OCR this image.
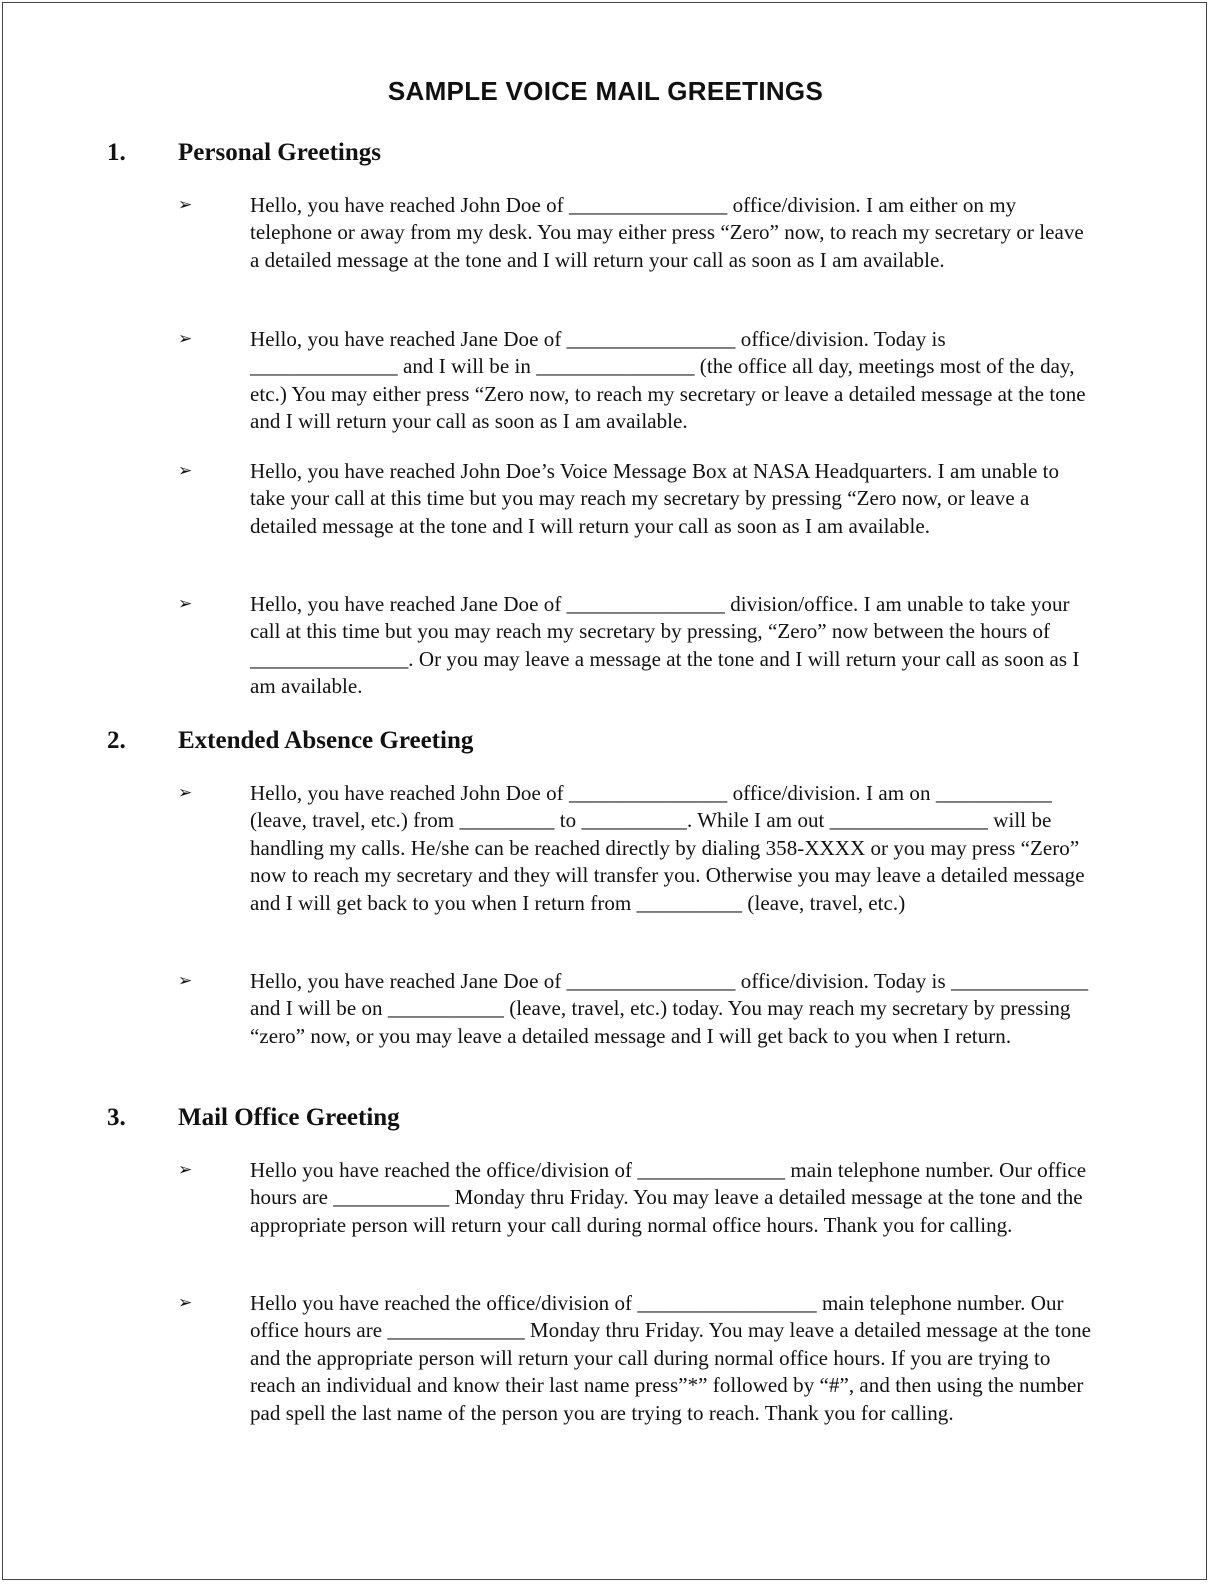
SAMPLE VOICE MAIL GREETINGS
1. Personal Greetings
➢	Hello, you have reached John Doe of _______________ office/division. I am either on my telephone or away from my desk. You may either press “Zero” now, to reach my secretary or leave a detailed message at the tone and I will return your call as soon as I am available.

➢	Hello, you have reached Jane Doe of ________________ office/division. Today is ______________ and I will be in _______________ (the office all day, meetings most of the day, etc.) You may either press “Zero now, to reach my secretary or leave a detailed message at the tone and I will return your call as soon as I am available.

➢	Hello, you have reached John Doe’s Voice Message Box at NASA Headquarters. I am unable to take your call at this time but you may reach my secretary by pressing “Zero now, or leave a detailed message at the tone and I will return your call as soon as I am available.

➢	Hello, you have reached Jane Doe of _______________ division/office. I am unable to take your call at this time but you may reach my secretary by pressing, “Zero” now between the hours of _______________. Or you may leave a message at the tone and I will return your call as soon as I am available.

2. Extended Absence Greeting
➢	Hello, you have reached John Doe of _______________ office/division. I am on ___________ (leave, travel, etc.) from _________ to __________. While I am out _______________ will be handling my calls. He/she can be reached directly by dialing 358-XXXX or you may press “Zero” now to reach my secretary and they will transfer you. Otherwise you may leave a detailed message and I will get back to you when I return from __________ (leave, travel, etc.)

➢	Hello, you have reached Jane Doe of ________________ office/division. Today is _____________ and I will be on ___________ (leave, travel, etc.) today. You may reach my secretary by pressing “zero” now, or you may leave a detailed message and I will get back to you when I return.

3. Mail Office Greeting
➢	Hello you have reached the office/division of ______________ main telephone number. Our office hours are ___________ Monday thru Friday. You may leave a detailed message at the tone and the appropriate person will return your call during normal office hours. Thank you for calling.

➢	Hello you have reached the office/division of _________________ main telephone number. Our office hours are _____________ Monday thru Friday. You may leave a detailed message at the tone and the appropriate person will return your call during normal office hours. If you are trying to reach an individual and know their last name press”*” followed by “#”, and then using the number pad spell the last name of the person you are trying to reach. Thank you for calling.
